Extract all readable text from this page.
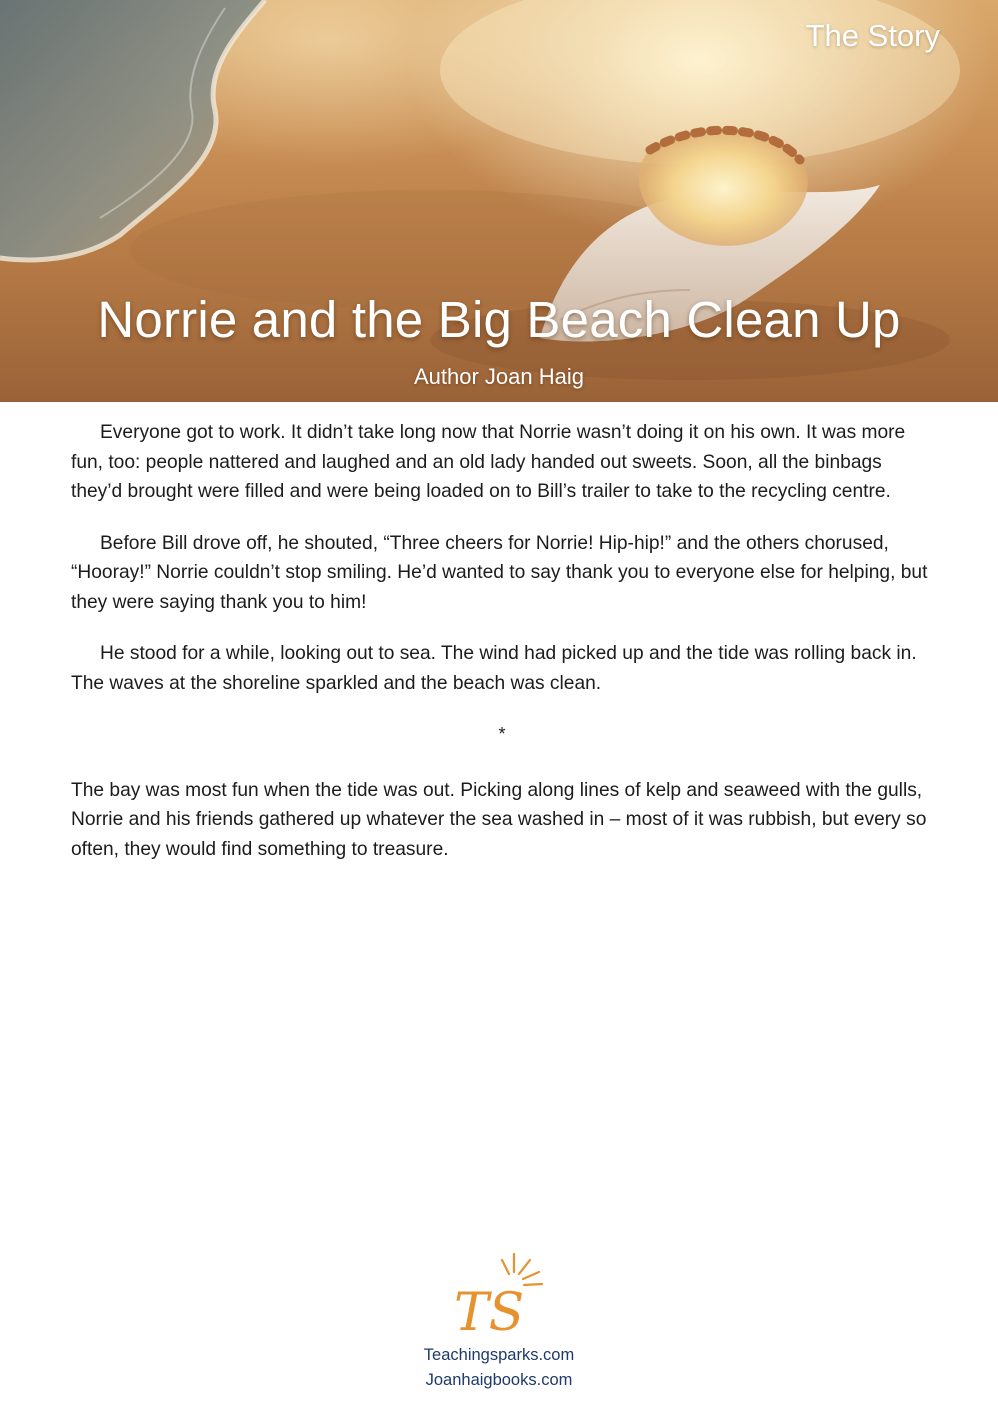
The Story
Norrie and the Big Beach Clean Up
Author Joan Haig

Everyone got to work. It didn’t take long now that Norrie wasn’t doing it on his own. It was more fun, too: people nattered and laughed and an old lady handed out sweets. Soon, all the binbags they’d brought were filled and were being loaded on to Bill’s trailer to take to the recycling centre.

Before Bill drove off, he shouted, “Three cheers for Norrie! Hip-hip!” and the others chorused, “Hooray!” Norrie couldn’t stop smiling. He’d wanted to say thank you to everyone else for helping, but they were saying thank you to him!

He stood for a while, looking out to sea. The wind had picked up and the tide was rolling back in. The waves at the shoreline sparkled and the beach was clean.

*

The bay was most fun when the tide was out. Picking along lines of kelp and seaweed with the gulls, Norrie and his friends gathered up whatever the sea washed in – most of it was rubbish, but every so often, they would find something to treasure.

TS
Teachingsparks.com
Joanhaigbooks.com
